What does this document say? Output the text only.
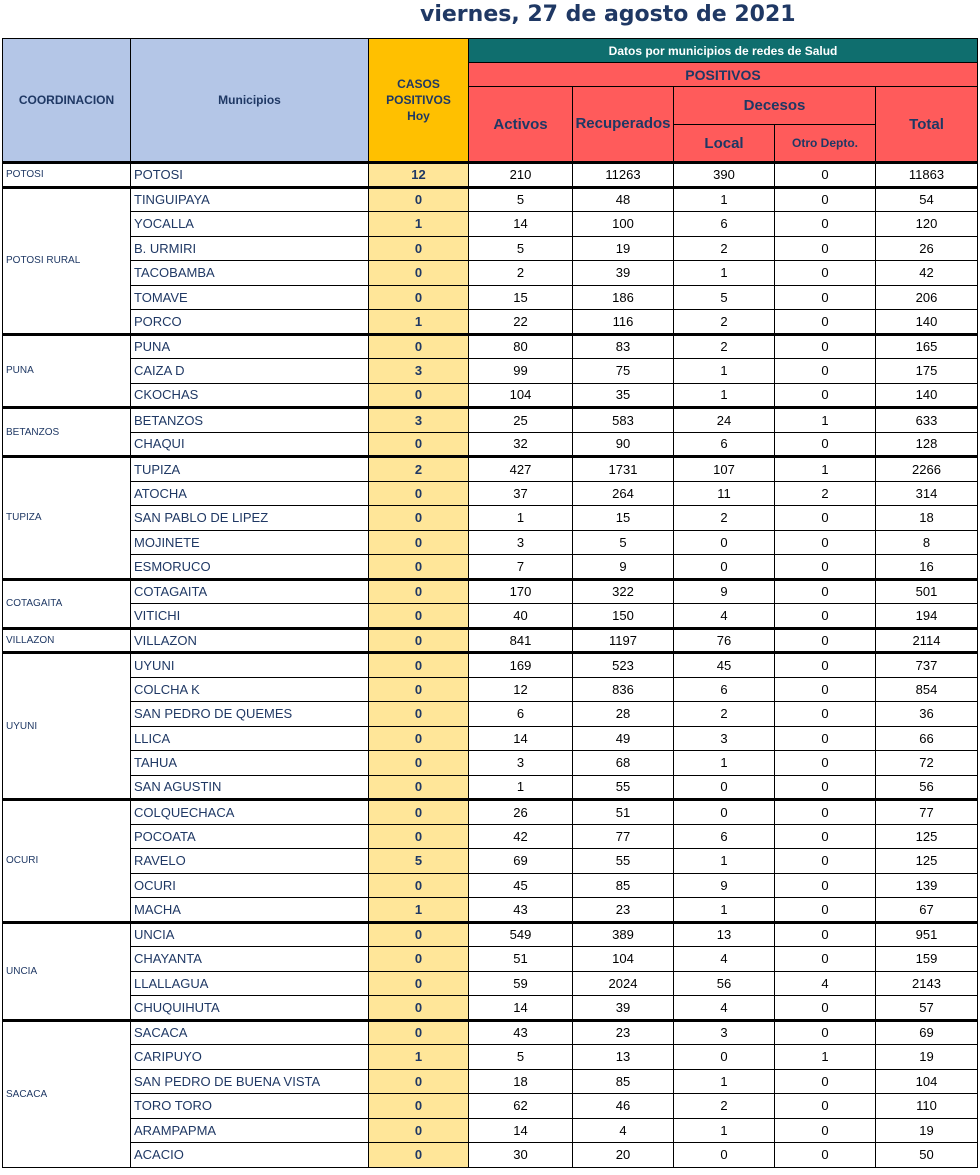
viernes, 27 de agosto de 2021
COORDINACION	Municipios	CASOS POSITIVOS Hoy	Datos por municipios de redes de Salud				
			POSITIVOS				
			Activos	Recuperados	Decesos		Total
					Local	Otro Depto.	
POTOSI	POTOSI	12	210	11263	390	0	11863
POTOSI RURAL	TINGUIPAYA	0	5	48	1	0	54
	YOCALLA	1	14	100	6	0	120
	B. URMIRI	0	5	19	2	0	26
	TACOBAMBA	0	2	39	1	0	42
	TOMAVE	0	15	186	5	0	206
	PORCO	1	22	116	2	0	140
PUNA	PUNA	0	80	83	2	0	165
	CAIZA D	3	99	75	1	0	175
	CKOCHAS	0	104	35	1	0	140
BETANZOS	BETANZOS	3	25	583	24	1	633
	CHAQUI	0	32	90	6	0	128
TUPIZA	TUPIZA	2	427	1731	107	1	2266
	ATOCHA	0	37	264	11	2	314
	SAN PABLO DE LIPEZ	0	1	15	2	0	18
	MOJINETE	0	3	5	0	0	8
	ESMORUCO	0	7	9	0	0	16
COTAGAITA	COTAGAITA	0	170	322	9	0	501
	VITICHI	0	40	150	4	0	194
VILLAZON	VILLAZON	0	841	1197	76	0	2114
UYUNI	UYUNI	0	169	523	45	0	737
	COLCHA K	0	12	836	6	0	854
	SAN PEDRO DE QUEMES	0	6	28	2	0	36
	LLICA	0	14	49	3	0	66
	TAHUA	0	3	68	1	0	72
	SAN AGUSTIN	0	1	55	0	0	56
OCURI	COLQUECHACA	0	26	51	0	0	77
	POCOATA	0	42	77	6	0	125
	RAVELO	5	69	55	1	0	125
	OCURI	0	45	85	9	0	139
	MACHA	1	43	23	1	0	67
UNCIA	UNCIA	0	549	389	13	0	951
	CHAYANTA	0	51	104	4	0	159
	LLALLAGUA	0	59	2024	56	4	2143
	CHUQUIHUTA	0	14	39	4	0	57
SACACA	SACACA	0	43	23	3	0	69
	CARIPUYO	1	5	13	0	1	19
	SAN PEDRO DE BUENA VISTA	0	18	85	1	0	104
	TORO TORO	0	62	46	2	0	110
	ARAMPAPMA	0	14	4	1	0	19
	ACACIO	0	30	20	0	0	50
